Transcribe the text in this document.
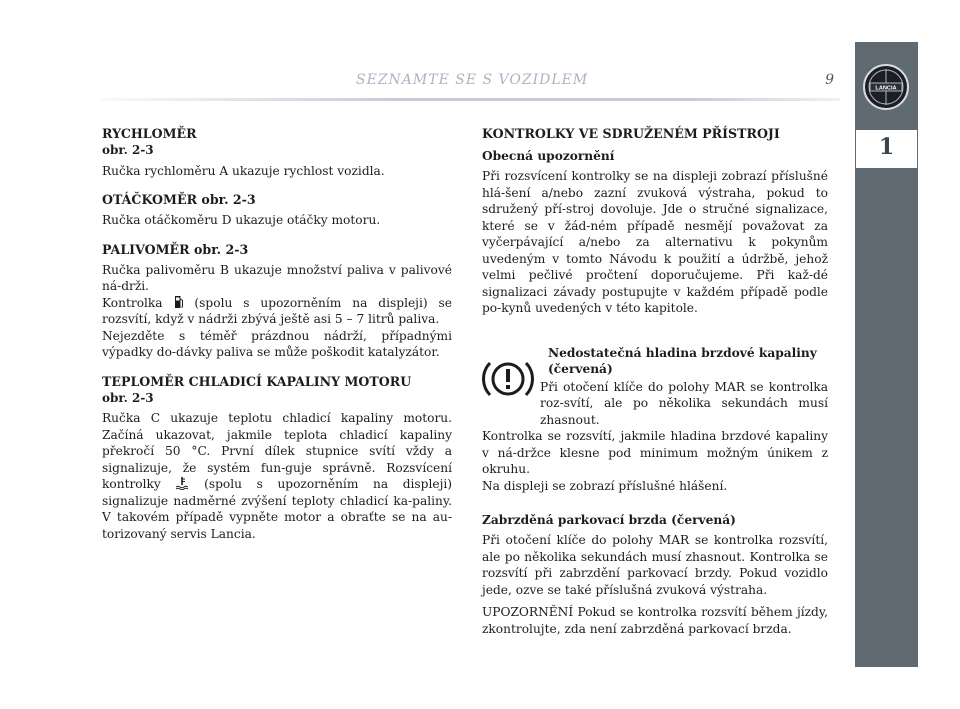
SEZNAMTE SE S VOZIDLEM	9
LANCIA
1
RYCHLOMĚR
obr. 2-3

Ručka rychloměru A ukazuje rychlost vozidla.

OTÁČKOMĚR obr. 2-3

Ručka otáčkoměru D ukazuje otáčky motoru.

PALIVOMĚR obr. 2-3

Ručka palivoměru B ukazuje množství paliva v palivové ná-drži.

Kontrolka	(spolu s upozorněním na displeji) se rozsvítí, když v nádrži zbývá ještě asi 5 – 7 litrů paliva.

Nejezděte s téměř prázdnou nádrží, případnými výpadky do-dávky paliva se může poškodit katalyzátor.

TEPLOMĚR CHLADICÍ KAPALINY MOTORU
obr. 2-3

Ručka C ukazuje teplotu chladicí kapaliny motoru. Začíná ukazovat, jakmile teplota chladicí kapaliny překročí 50 °C. První dílek stupnice svítí vždy a signalizuje, že systém fun-guje správně. Rozsvícení kontrolky	(spolu s upozorněním na displeji) signalizuje nadměrné zvýšení teploty chladicí ka-paliny. V takovém případě vypněte motor a obraťte se na au-torizovaný servis Lancia.

KONTROLKY VE SDRUŽENÉM PŘÍSTROJI
Obecná upozornění

Při rozsvícení kontrolky se na displeji zobrazí příslušné hlá-šení a/nebo zazní zvuková výstraha, pokud to sdružený pří-stroj dovoluje. Jde o stručné signalizace, které se v žád-ném případě nesmějí považovat za vyčerpávající a/nebo za alternativu k pokynům uvedeným v tomto Návodu k použití a údržbě, jehož velmi pečlivé pročtení doporučujeme. Při kaž-dé signalizaci závady postupujte v každém případě podle po-kynů uvedených v této kapitole.

Nedostatečná hladina brzdové kapaliny (červená)

Při otočení klíče do polohy MAR se kontrolka roz-svítí, ale po několika sekundách musí zhasnout.

Kontrolka se rozsvítí, jakmile hladina brzdové kapaliny v ná-držce klesne pod minimum možným únikem z okruhu.

Na displeji se zobrazí příslušné hlášení.

Zabrzděná parkovací brzda (červená)

Při otočení klíče do polohy MAR se kontrolka rozsvítí, ale po několika sekundách musí zhasnout. Kontrolka se rozsvítí při zabrzdění parkovací brzdy. Pokud vozidlo jede, ozve se také příslušná zvuková výstraha.

UPOZORNĚNÍ Pokud se kontrolka rozsvítí během jízdy, zkontrolujte, zda není zabrzděná parkovací brzda.
